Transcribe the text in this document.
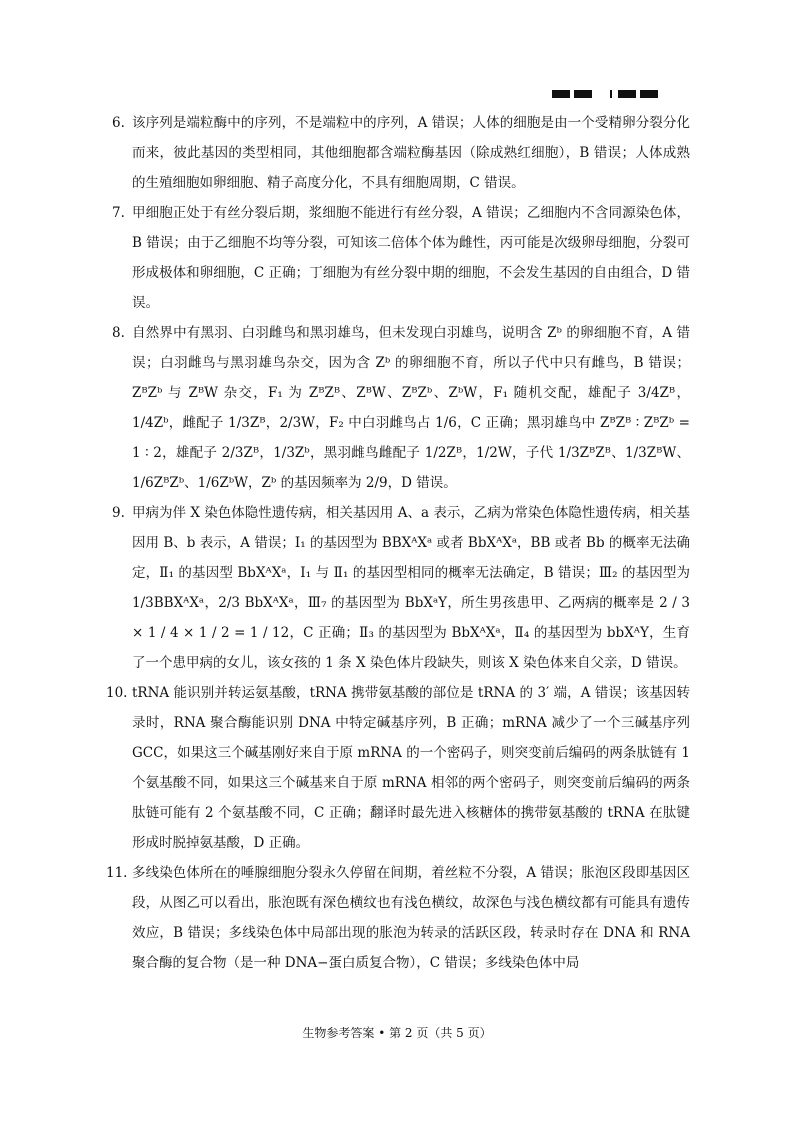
6. 该序列是端粒酶中的序列，不是端粒中的序列，A 错误；人体的细胞是由一个受精卵分裂分化而来，彼此基因的类型相同，其他细胞都含端粒酶基因（除成熟红细胞），B 错误；人体成熟的生殖细胞如卵细胞、精子高度分化，不具有细胞周期，C 错误。
7. 甲细胞正处于有丝分裂后期，浆细胞不能进行有丝分裂，A 错误；乙细胞内不含同源染色体，B 错误；由于乙细胞不均等分裂，可知该二倍体个体为雌性，丙可能是次级卵母细胞，分裂可形成极体和卵细胞，C 正确；丁细胞为有丝分裂中期的细胞，不会发生基因的自由组合，D 错误。
8. 自然界中有黑羽、白羽雌鸟和黑羽雄鸟，但未发现白羽雄鸟，说明含 Zᵇ 的卵细胞不育，A 错误；白羽雌鸟与黑羽雄鸟杂交，因为含 Zᵇ 的卵细胞不育，所以子代中只有雌鸟，B 错误；ZᴮZᵇ 与 ZᴮW 杂交，F₁ 为 ZᴮZᴮ、ZᴮW、ZᴮZᵇ、ZᵇW，F₁ 随机交配，雄配子 3/4Zᴮ，1/4Zᵇ，雌配子 1/3Zᴮ，2/3W，F₂ 中白羽雌鸟占 1/6，C 正确；黑羽雄鸟中 ZᴮZᴮ ∶ ZᴮZᵇ = 1 ∶ 2，雄配子 2/3Zᴮ，1/3Zᵇ，黑羽雌鸟雌配子 1/2Zᴮ，1/2W，子代 1/3ZᴮZᴮ、1/3ZᴮW、1/6ZᴮZᵇ、1/6ZᵇW，Zᵇ 的基因频率为 2/9，D 错误。
9. 甲病为伴 X 染色体隐性遗传病，相关基因用 A、a 表示，乙病为常染色体隐性遗传病，相关基因用 B、b 表示，A 错误；Ⅰ₁ 的基因型为 BBXᴬXᵃ 或者 BbXᴬXᵃ，BB 或者 Bb 的概率无法确定，Ⅱ₁ 的基因型 BbXᴬXᵃ，Ⅰ₁ 与 Ⅱ₁ 的基因型相同的概率无法确定，B 错误；Ⅲ₂ 的基因型为 1/3BBXᴬXᵃ，2/3 BbXᴬXᵃ，Ⅲ₇ 的基因型为 BbXᵃY，所生男孩患甲、乙两病的概率是 2 / 3 × 1 / 4 × 1 / 2 = 1 / 12，C 正确；Ⅱ₃ 的基因型为 BbXᴬXᵃ，Ⅱ₄ 的基因型为 bbXᴬY，生育了一个患甲病的女儿，该女孩的 1 条 X 染色体片段缺失，则该 X 染色体来自父亲，D 错误。
10. tRNA 能识别并转运氨基酸，tRNA 携带氨基酸的部位是 tRNA 的 3′ 端，A 错误；该基因转录时，RNA 聚合酶能识别 DNA 中特定碱基序列，B 正确；mRNA 减少了一个三碱基序列 GCC，如果这三个碱基刚好来自于原 mRNA 的一个密码子，则突变前后编码的两条肽链有 1 个氨基酸不同，如果这三个碱基来自于原 mRNA 相邻的两个密码子，则突变前后编码的两条肽链可能有 2 个氨基酸不同，C 正确；翻译时最先进入核糖体的携带氨基酸的 tRNA 在肽键形成时脱掉氨基酸，D 正确。
11. 多线染色体所在的唾腺细胞分裂永久停留在间期，着丝粒不分裂，A 错误；胀泡区段即基因区段，从图乙可以看出，胀泡既有深色横纹也有浅色横纹，故深色与浅色横纹都有可能具有遗传效应，B 错误；多线染色体中局部出现的胀泡为转录的活跃区段，转录时存在 DNA 和 RNA 聚合酶的复合物（是一种 DNA−蛋白质复合物），C 错误；多线染色体中局
生物参考答案 • 第 2 页（共 5 页）
